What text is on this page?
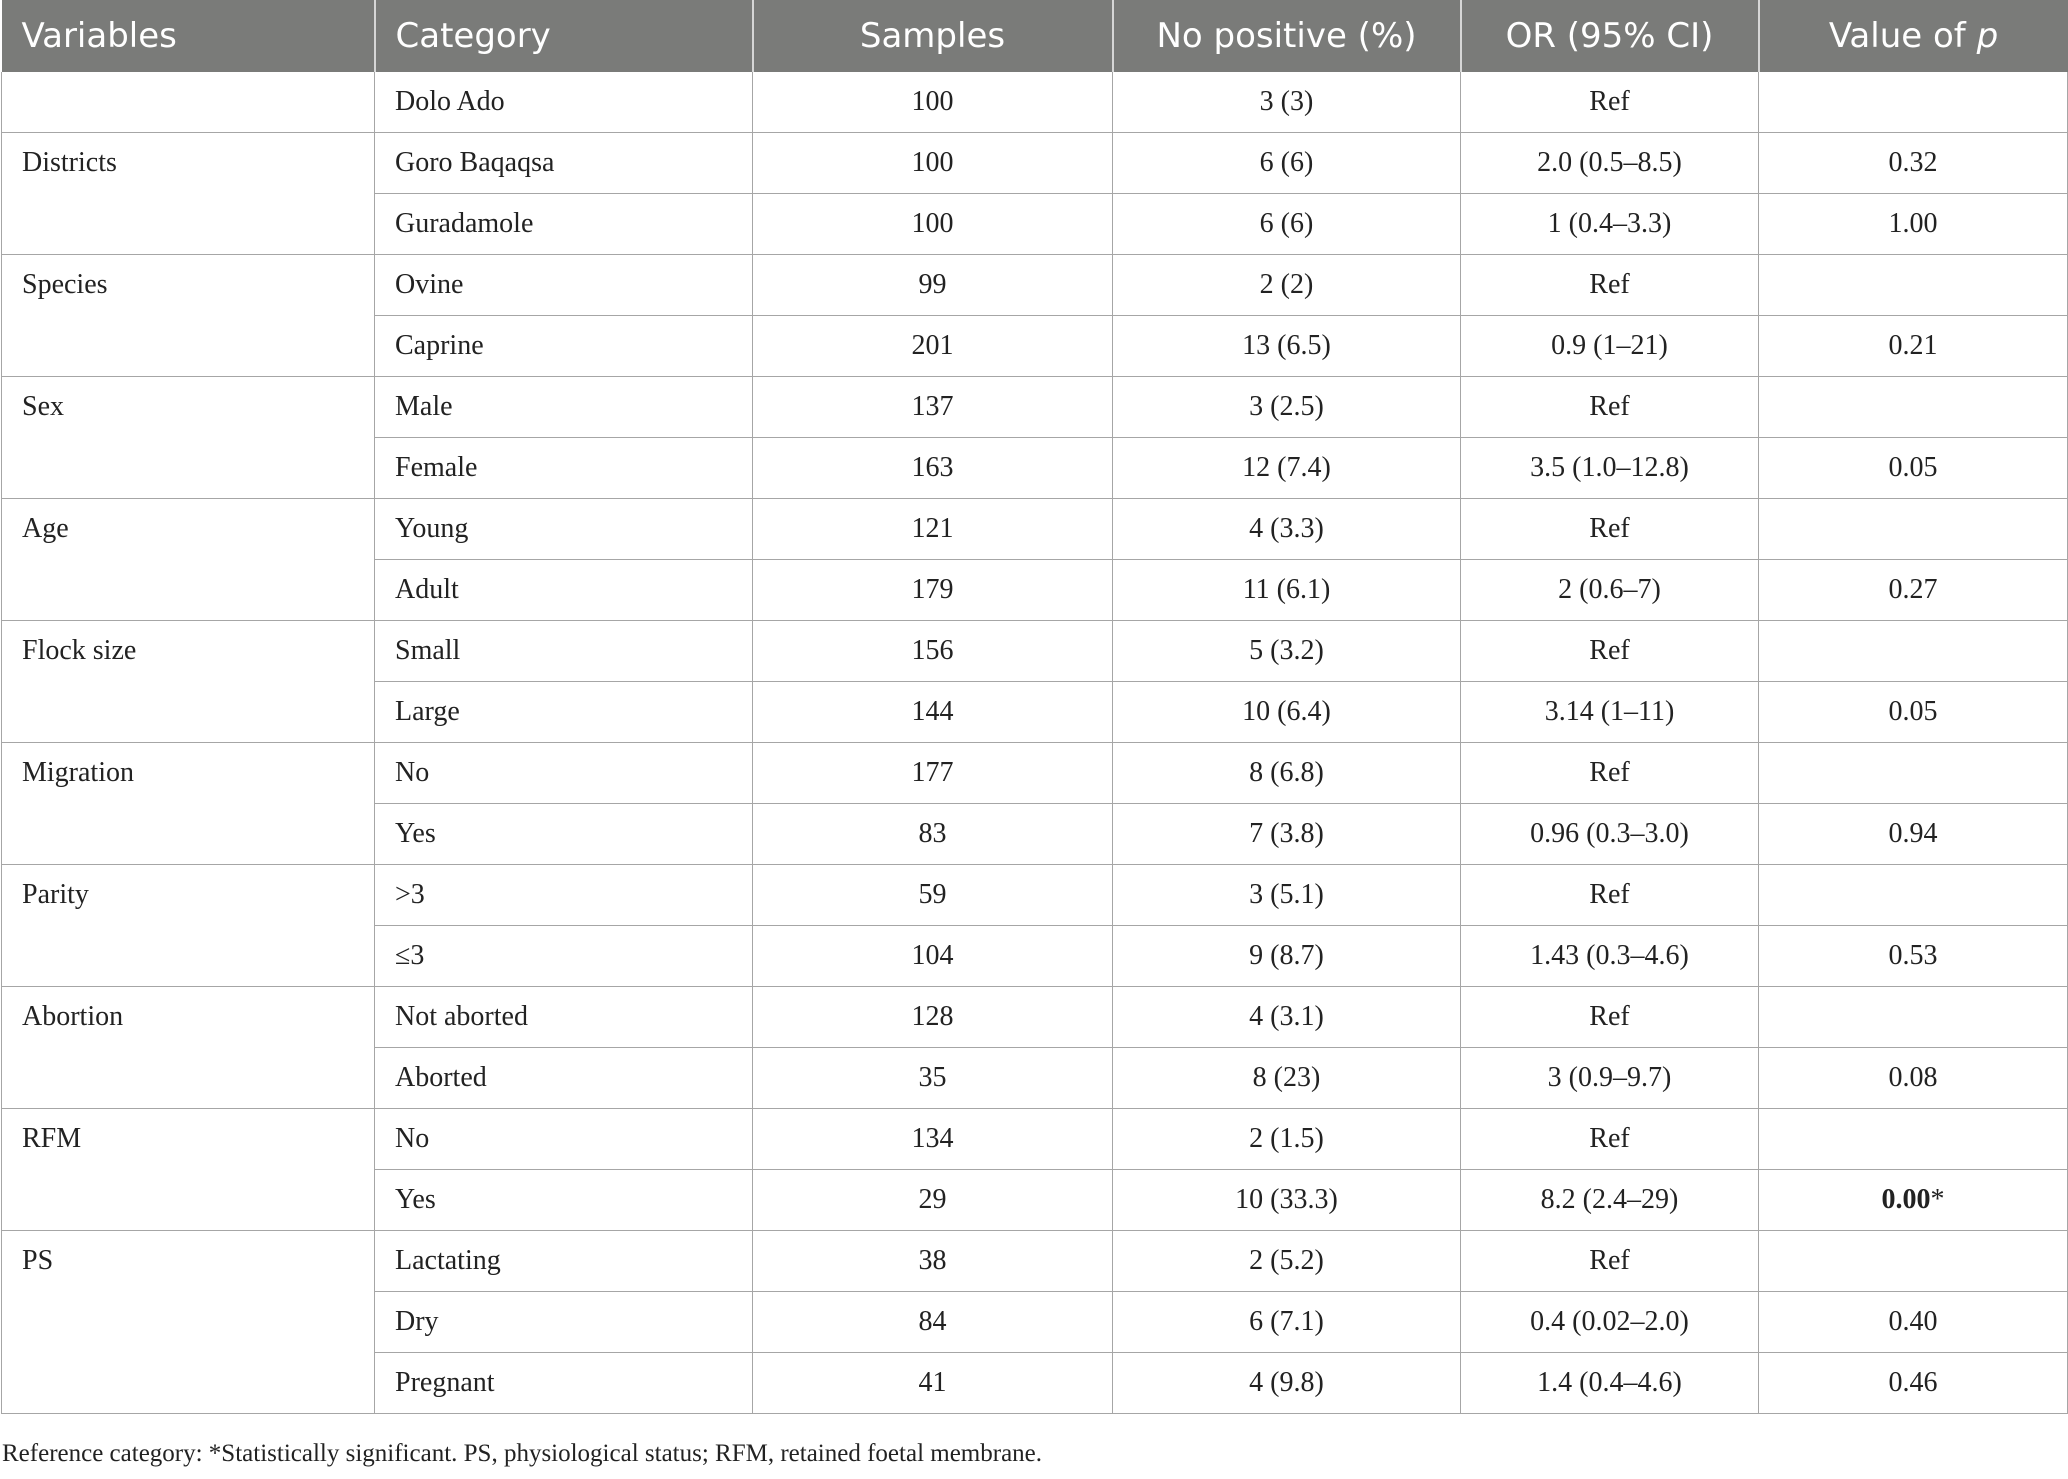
Variables	Category	Samples	No positive (%)	OR (95% CI)	Value of p
	Dolo Ado	100	3 (3)	Ref	
Districts	Goro Baqaqsa	100	6 (6)	2.0 (0.5–8.5)	0.32
	Guradamole	100	6 (6)	1 (0.4–3.3)	1.00
Species	Ovine	99	2 (2)	Ref	
	Caprine	201	13 (6.5)	0.9 (1–21)	0.21
Sex	Male	137	3 (2.5)	Ref	
	Female	163	12 (7.4)	3.5 (1.0–12.8)	0.05
Age	Young	121	4 (3.3)	Ref	
	Adult	179	11 (6.1)	2 (0.6–7)	0.27
Flock size	Small	156	5 (3.2)	Ref	
	Large	144	10 (6.4)	3.14 (1–11)	0.05
Migration	No	177	8 (6.8)	Ref	
	Yes	83	7 (3.8)	0.96 (0.3–3.0)	0.94
Parity	>3	59	3 (5.1)	Ref	
	≤3	104	9 (8.7)	1.43 (0.3–4.6)	0.53
Abortion	Not aborted	128	4 (3.1)	Ref	
	Aborted	35	8 (23)	3 (0.9–9.7)	0.08
RFM	No	134	2 (1.5)	Ref	
	Yes	29	10 (33.3)	8.2 (2.4–29)	0.00*
PS	Lactating	38	2 (5.2)	Ref	
	Dry	84	6 (7.1)	0.4 (0.02–2.0)	0.40
	Pregnant	41	4 (9.8)	1.4 (0.4–4.6)	0.46
Reference category: *Statistically significant. PS, physiological status; RFM, retained foetal membrane.
